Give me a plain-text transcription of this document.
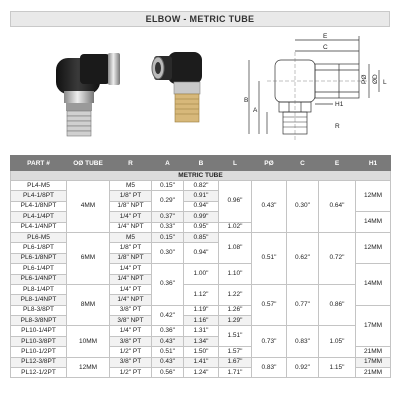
ELBOW - METRIC TUBE
E
C
PØ ØD L
B
A
H1
R
PART #	OØ TUBE	R	A	B	L	PØ	C	E	H1
METRIC TUBE									
PL4-M5	4MM	M5	0.15"	0.82"	0.96"	0.43"	0.30"	0.64"	12MM
PL4-1/8PT		1/8" PT	0.29"	0.91"					
PL4-1/8NPT		1/8" NPT		0.94"					
PL4-1/4PT		1/4" PT	0.37"	0.99"					14MM
PL4-1/4NPT		1/4" NPT	0.33"	0.95"	1.02"				
PL6-M5	6MM	M5	0.15"	0.85"	1.08"	0.51"	0.62"	0.72"	12MM
PL6-1/8PT		1/8" PT	0.30"	0.94"					
PL6-1/8NPT		1/8" NPT							
PL6-1/4PT		1/4" PT	0.36"	1.00"	1.10"				14MM
PL6-1/4NPT		1/4" NPT							
PL8-1/4PT	8MM	1/4" PT		1.12"	1.22"	0.57"	0.77"	0.86"	
PL8-1/4NPT		1/4" NPT							
PL8-3/8PT		3/8" PT	0.42"	1.19"	1.26"				17MM
PL8-3/8NPT		3/8" NPT		1.16"	1.29"				
PL10-1/4PT	10MM	1/4" PT	0.36"	1.31"	1.51"	0.73"	0.83"	1.05"	
PL10-3/8PT		3/8" PT	0.43"	1.34"					
PL10-1/2PT		1/2" PT	0.51"	1.50"	1.57"				21MM
PL12-3/8PT	12MM	3/8" PT	0.43"	1.41"	1.67"	0.83"	0.92"	1.15"	17MM
PL12-1/2PT		1/2" PT	0.56"	1.24"	1.71"				21MM
